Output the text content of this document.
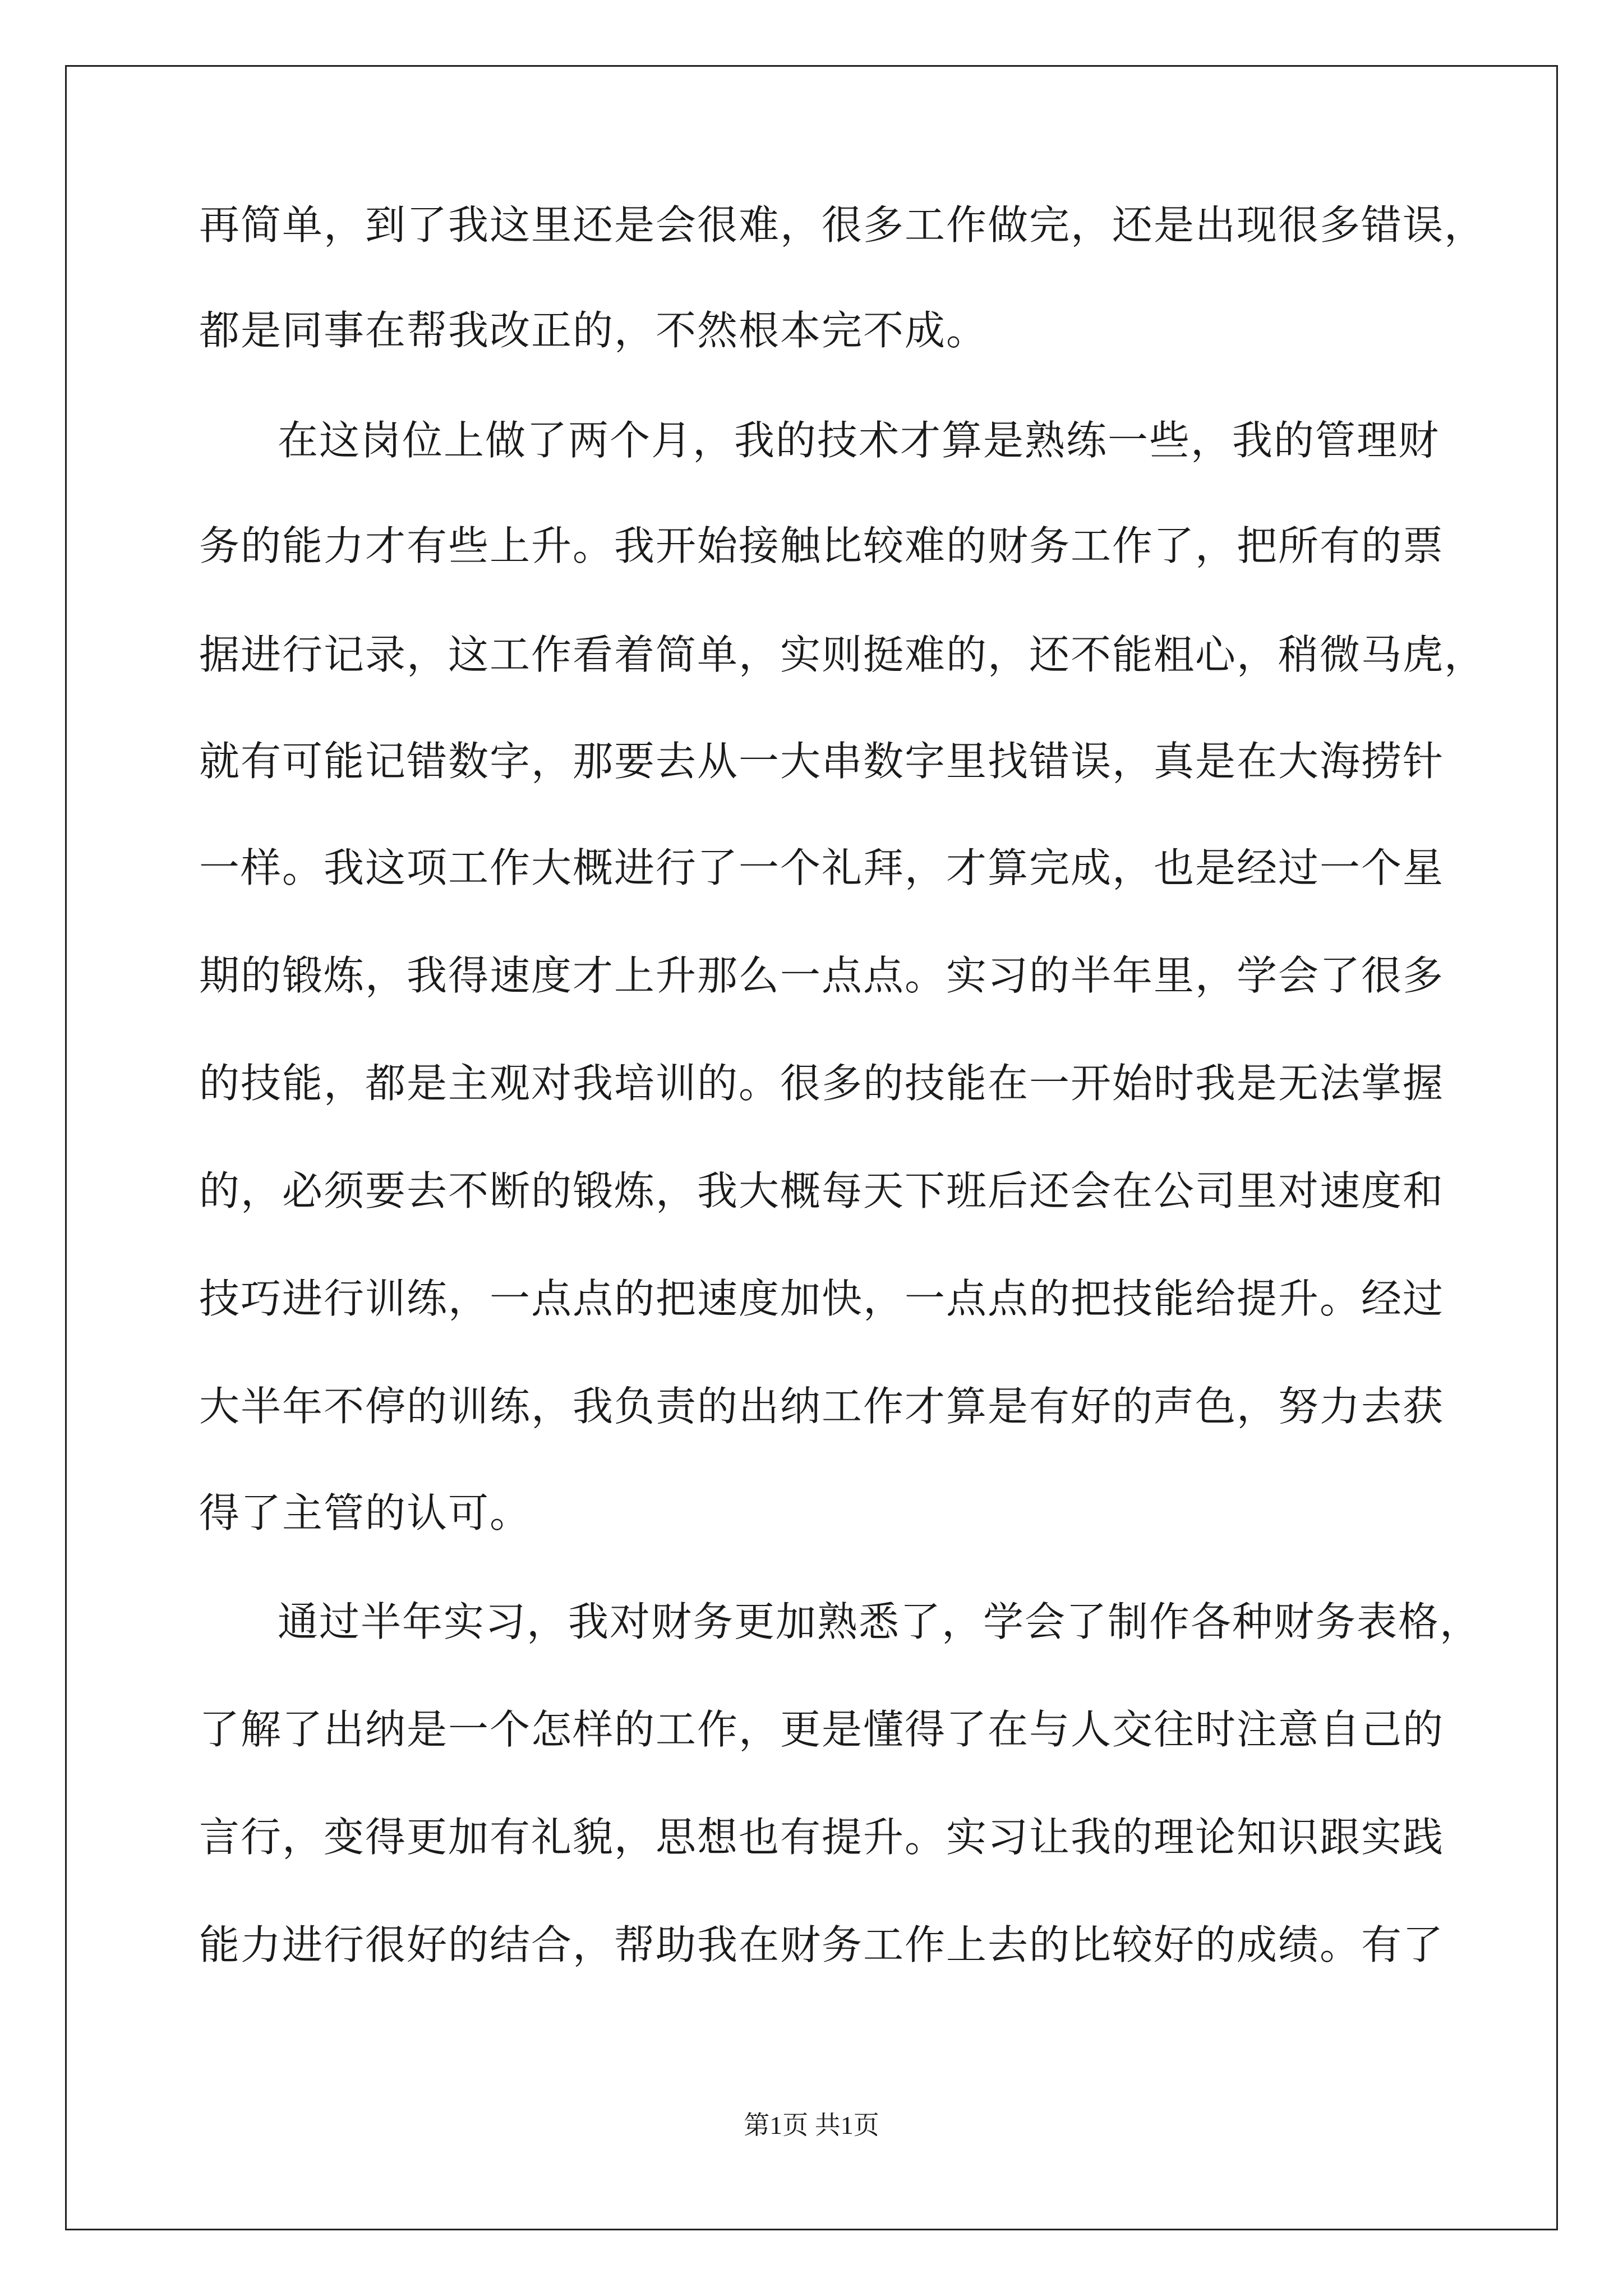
再简单，到了我这里还是会很难，很多工作做完，还是出现很多错误，
都是同事在帮我改正的，不然根本完不成。
在这岗位上做了两个月，我的技术才算是熟练一些，我的管理财
务的能力才有些上升。我开始接触比较难的财务工作了，把所有的票
据进行记录，这工作看着简单，实则挺难的，还不能粗心，稍微马虎，
就有可能记错数字，那要去从一大串数字里找错误，真是在大海捞针
一样。我这项工作大概进行了一个礼拜，才算完成，也是经过一个星
期的锻炼，我得速度才上升那么一点点。实习的半年里，学会了很多
的技能，都是主观对我培训的。很多的技能在一开始时我是无法掌握
的，必须要去不断的锻炼，我大概每天下班后还会在公司里对速度和
技巧进行训练，一点点的把速度加快，一点点的把技能给提升。经过
大半年不停的训练，我负责的出纳工作才算是有好的声色，努力去获
得了主管的认可。
通过半年实习，我对财务更加熟悉了，学会了制作各种财务表格，
了解了出纳是一个怎样的工作，更是懂得了在与人交往时注意自己的
言行，变得更加有礼貌，思想也有提升。实习让我的理论知识跟实践
能力进行很好的结合，帮助我在财务工作上去的比较好的成绩。有了
第1页 共1页
